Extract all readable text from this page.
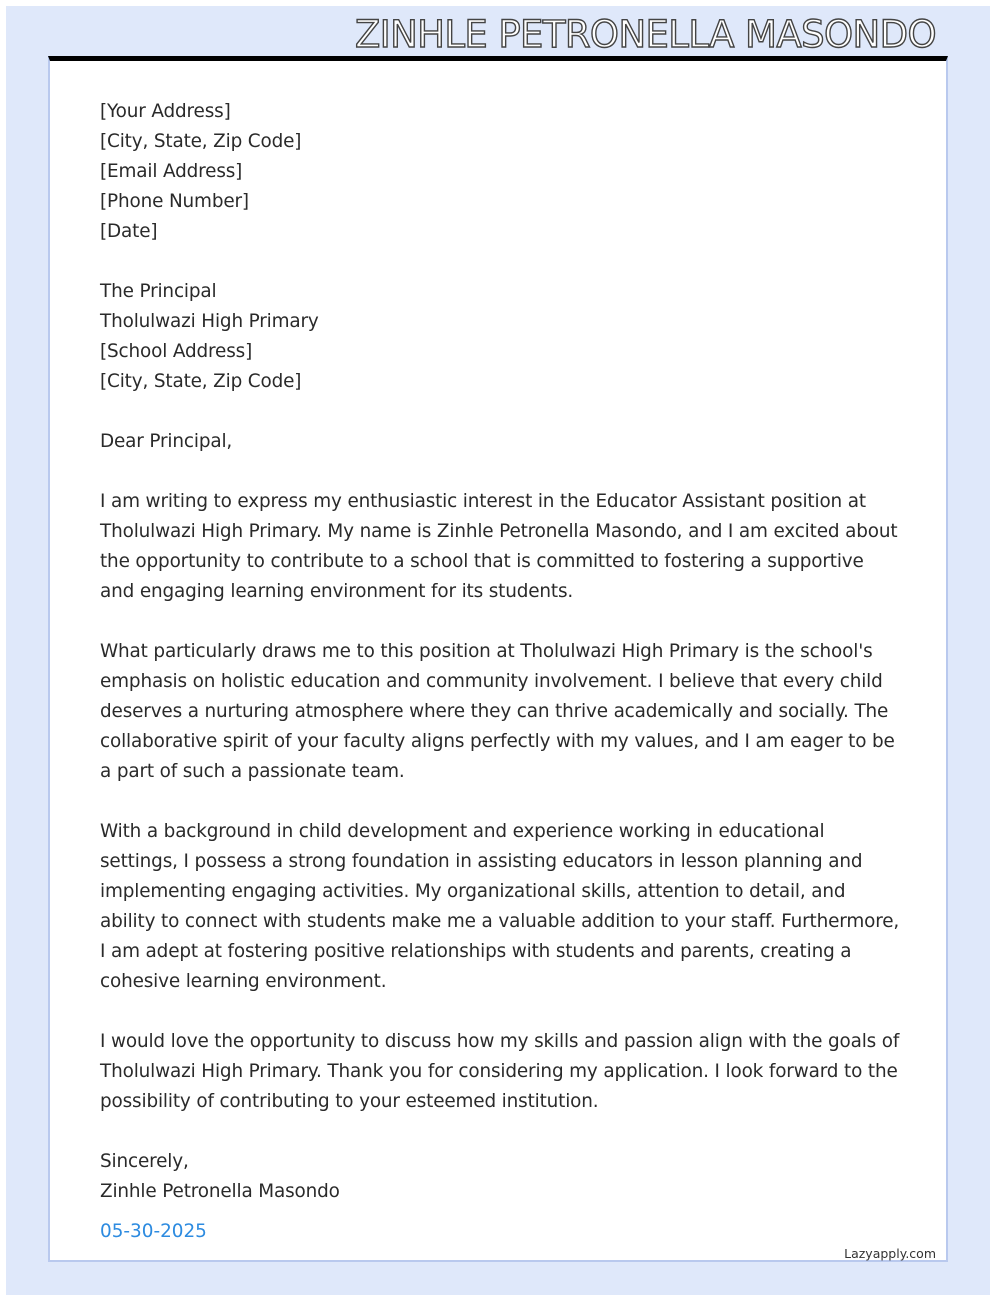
ZINHLE PETRONELLA MASONDO
[Your Address]
[City, State, Zip Code]
[Email Address]
[Phone Number]
[Date]
The Principal
Tholulwazi High Primary
[School Address]
[City, State, Zip Code]
Dear Principal,

I am writing to express my enthusiastic interest in the Educator Assistant position at Tholulwazi High Primary. My name is Zinhle Petronella Masondo, and I am excited about the opportunity to contribute to a school that is committed to fostering a supportive and engaging learning environment for its students.

What particularly draws me to this position at Tholulwazi High Primary is the school's emphasis on holistic education and community involvement. I believe that every child deserves a nurturing atmosphere where they can thrive academically and socially. The collaborative spirit of your faculty aligns perfectly with my values, and I am eager to be a part of such a passionate team.

With a background in child development and experience working in educational settings, I possess a strong foundation in assisting educators in lesson planning and implementing engaging activities. My organizational skills, attention to detail, and ability to connect with students make me a valuable addition to your staff. Furthermore, I am adept at fostering positive relationships with students and parents, creating a cohesive learning environment.

I would love the opportunity to discuss how my skills and passion align with the goals of Tholulwazi High Primary. Thank you for considering my application. I look forward to the possibility of contributing to your esteemed institution.

Sincerely,
Zinhle Petronella Masondo
05-30-2025
Lazyapply.com
